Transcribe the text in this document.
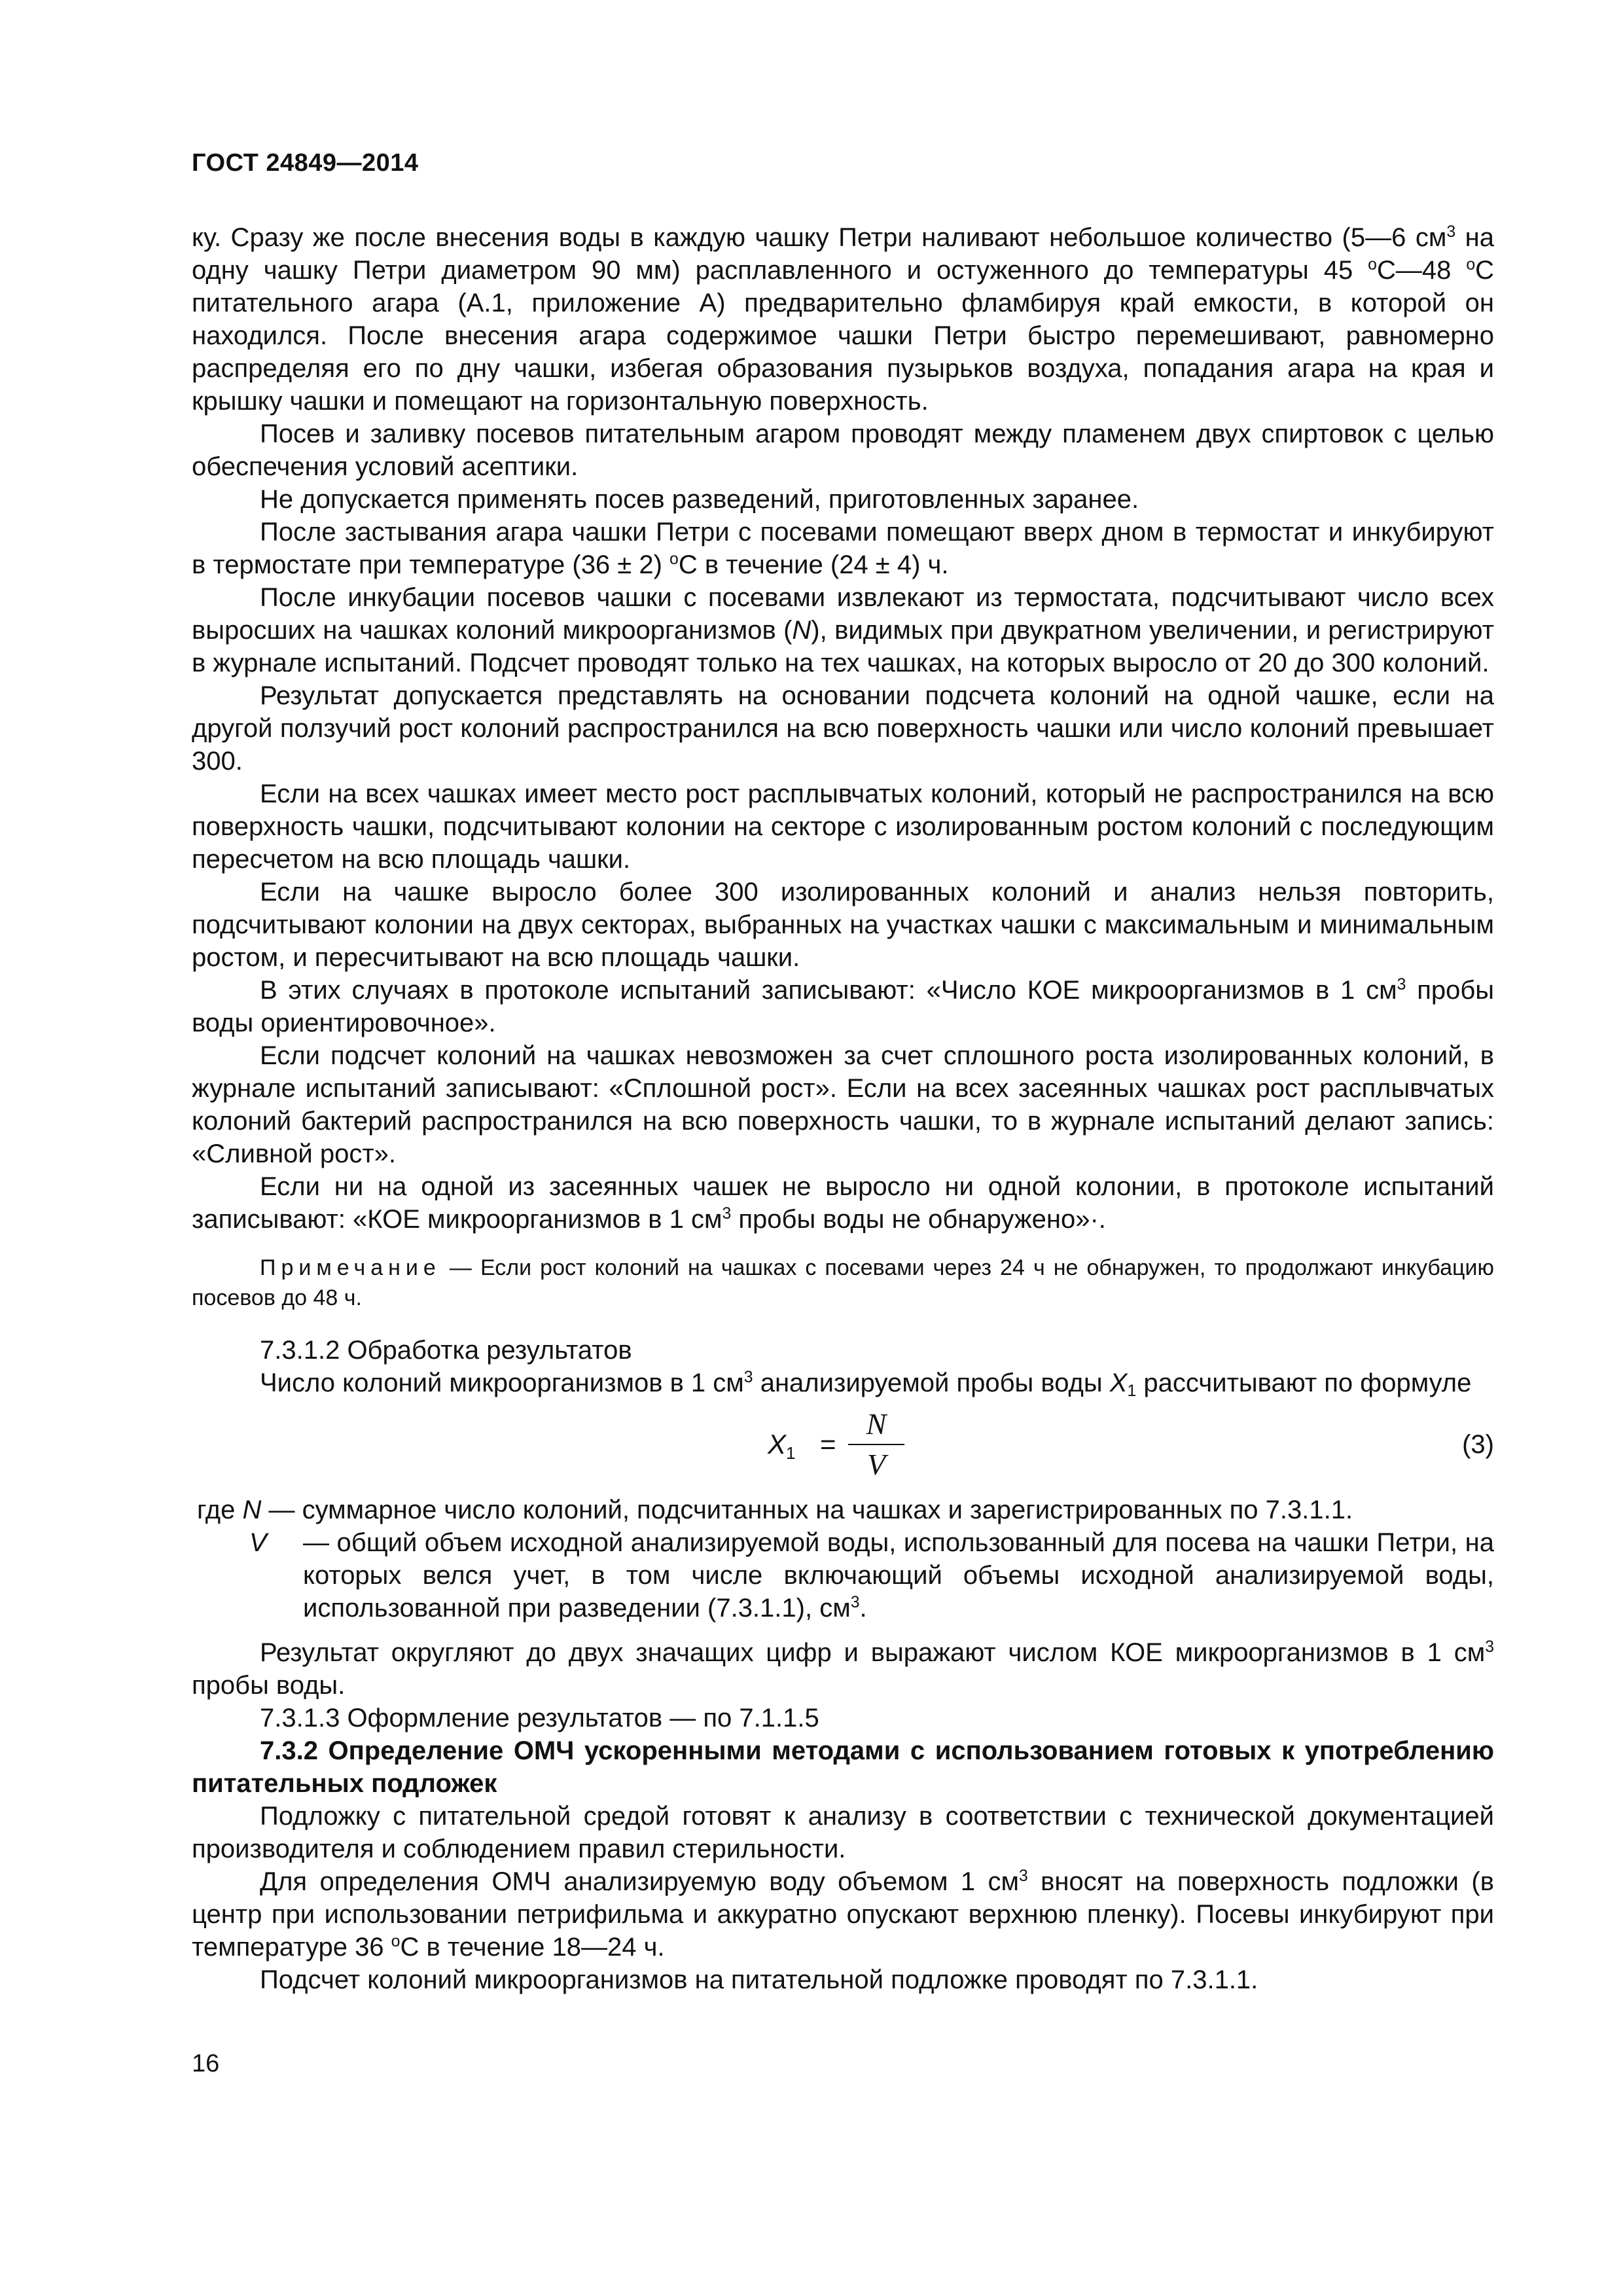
ГОСТ 24849—2014

ку. Сразу же после внесения воды в каждую чашку Петри наливают небольшое количество (5—6 $см^3$ на одну чашку Петри диаметром 90 мм) расплавленного и остуженного до температуры 45 $^o$С—48 $^o$С питательного агара (А.1, приложение А) предварительно фламбируя край емкости, в которой он находился. После внесения агара содержимое чашки Петри быстро перемешивают, равномерно распределяя его по дну чашки, избегая образования пузырьков воздуха, попадания агара на края и крышку чашки и помещают на горизонтальную поверхность.

Посев и заливку посевов питательным агаром проводят между пламенем двух спиртовок с целью обеспечения условий асептики.

Не допускается применять посев разведений, приготовленных заранее.

После застывания агара чашки Петри с посевами помещают вверх дном в термостат и инкубируют в термостате при температуре (36 ± 2) $^o$С в течение (24 ± 4) ч.

После инкубации посевов чашки с посевами извлекают из термостата, подсчитывают число всех выросших на чашках колоний микроорганизмов (N), видимых при двукратном увеличении, и регистрируют в журнале испытаний. Подсчет проводят только на тех чашках, на которых выросло от 20 до 300 колоний.

Результат допускается представлять на основании подсчета колоний на одной чашке, если на другой ползучий рост колоний распространился на всю поверхность чашки или число колоний превышает 300.

Если на всех чашках имеет место рост расплывчатых колоний, который не распространился на всю поверхность чашки, подсчитывают колонии на секторе с изолированным ростом колоний с последующим пересчетом на всю площадь чашки.

Если на чашке выросло более 300 изолированных колоний и анализ нельзя повторить, подсчитывают колонии на двух секторах, выбранных на участках чашки с максимальным и минимальным ростом, и пересчитывают на всю площадь чашки.

В этих случаях в протоколе испытаний записывают: «Число КОЕ микроорганизмов в 1 $см^3$ пробы воды ориентировочное».

Если подсчет колоний на чашках невозможен за счет сплошного роста изолированных колоний, в журнале испытаний записывают: «Сплошной рост». Если на всех засеянных чашках рост расплывчатых колоний бактерий распространился на всю поверхность чашки, то в журнале испытаний делают запись: «Сливной рост».

Если ни на одной из засеянных чашек не выросло ни одной колонии, в протоколе испытаний записывают: «КОЕ микроорганизмов в 1 $см^3$ пробы воды не обнаружено»·.

Примечание — Если рост колоний на чашках с посевами через 24 ч не обнаружен, то продолжают инкубацию посевов до 48 ч.

7.3.1.2 Обработка результатов

Число колоний микроорганизмов в 1 $см^3$ анализируемой пробы воды $X_1$ рассчитывают по формуле

$X_1$ =
N
V
(3)

где N — суммарное число колоний, подсчитанных на чашках и зарегистрированных по 7.3.1.1.

V — общий объем исходной анализируемой воды, использованный для посева на чашки Петри, на которых велся учет, в том числе включающий объемы исходной анализируемой воды, использованной при разведении (7.3.1.1), $см^3$.

Результат округляют до двух значащих цифр и выражают числом КОЕ микроорганизмов в 1 $см^3$ пробы воды.

7.3.1.3 Оформление результатов — по 7.1.1.5

7.3.2 Определение ОМЧ ускоренными методами с использованием готовых к употреблению питательных подложек

Подложку с питательной средой готовят к анализу в соответствии с технической документацией производителя и соблюдением правил стерильности.

Для определения ОМЧ анализируемую воду объемом 1 $см^3$ вносят на поверхность подложки (в центр при использовании петрифильма и аккуратно опускают верхнюю пленку). Посевы инкубируют при температуре 36 $^o$С в течение 18—24 ч.

Подсчет колоний микроорганизмов на питательной подложке проводят по 7.3.1.1.

16
